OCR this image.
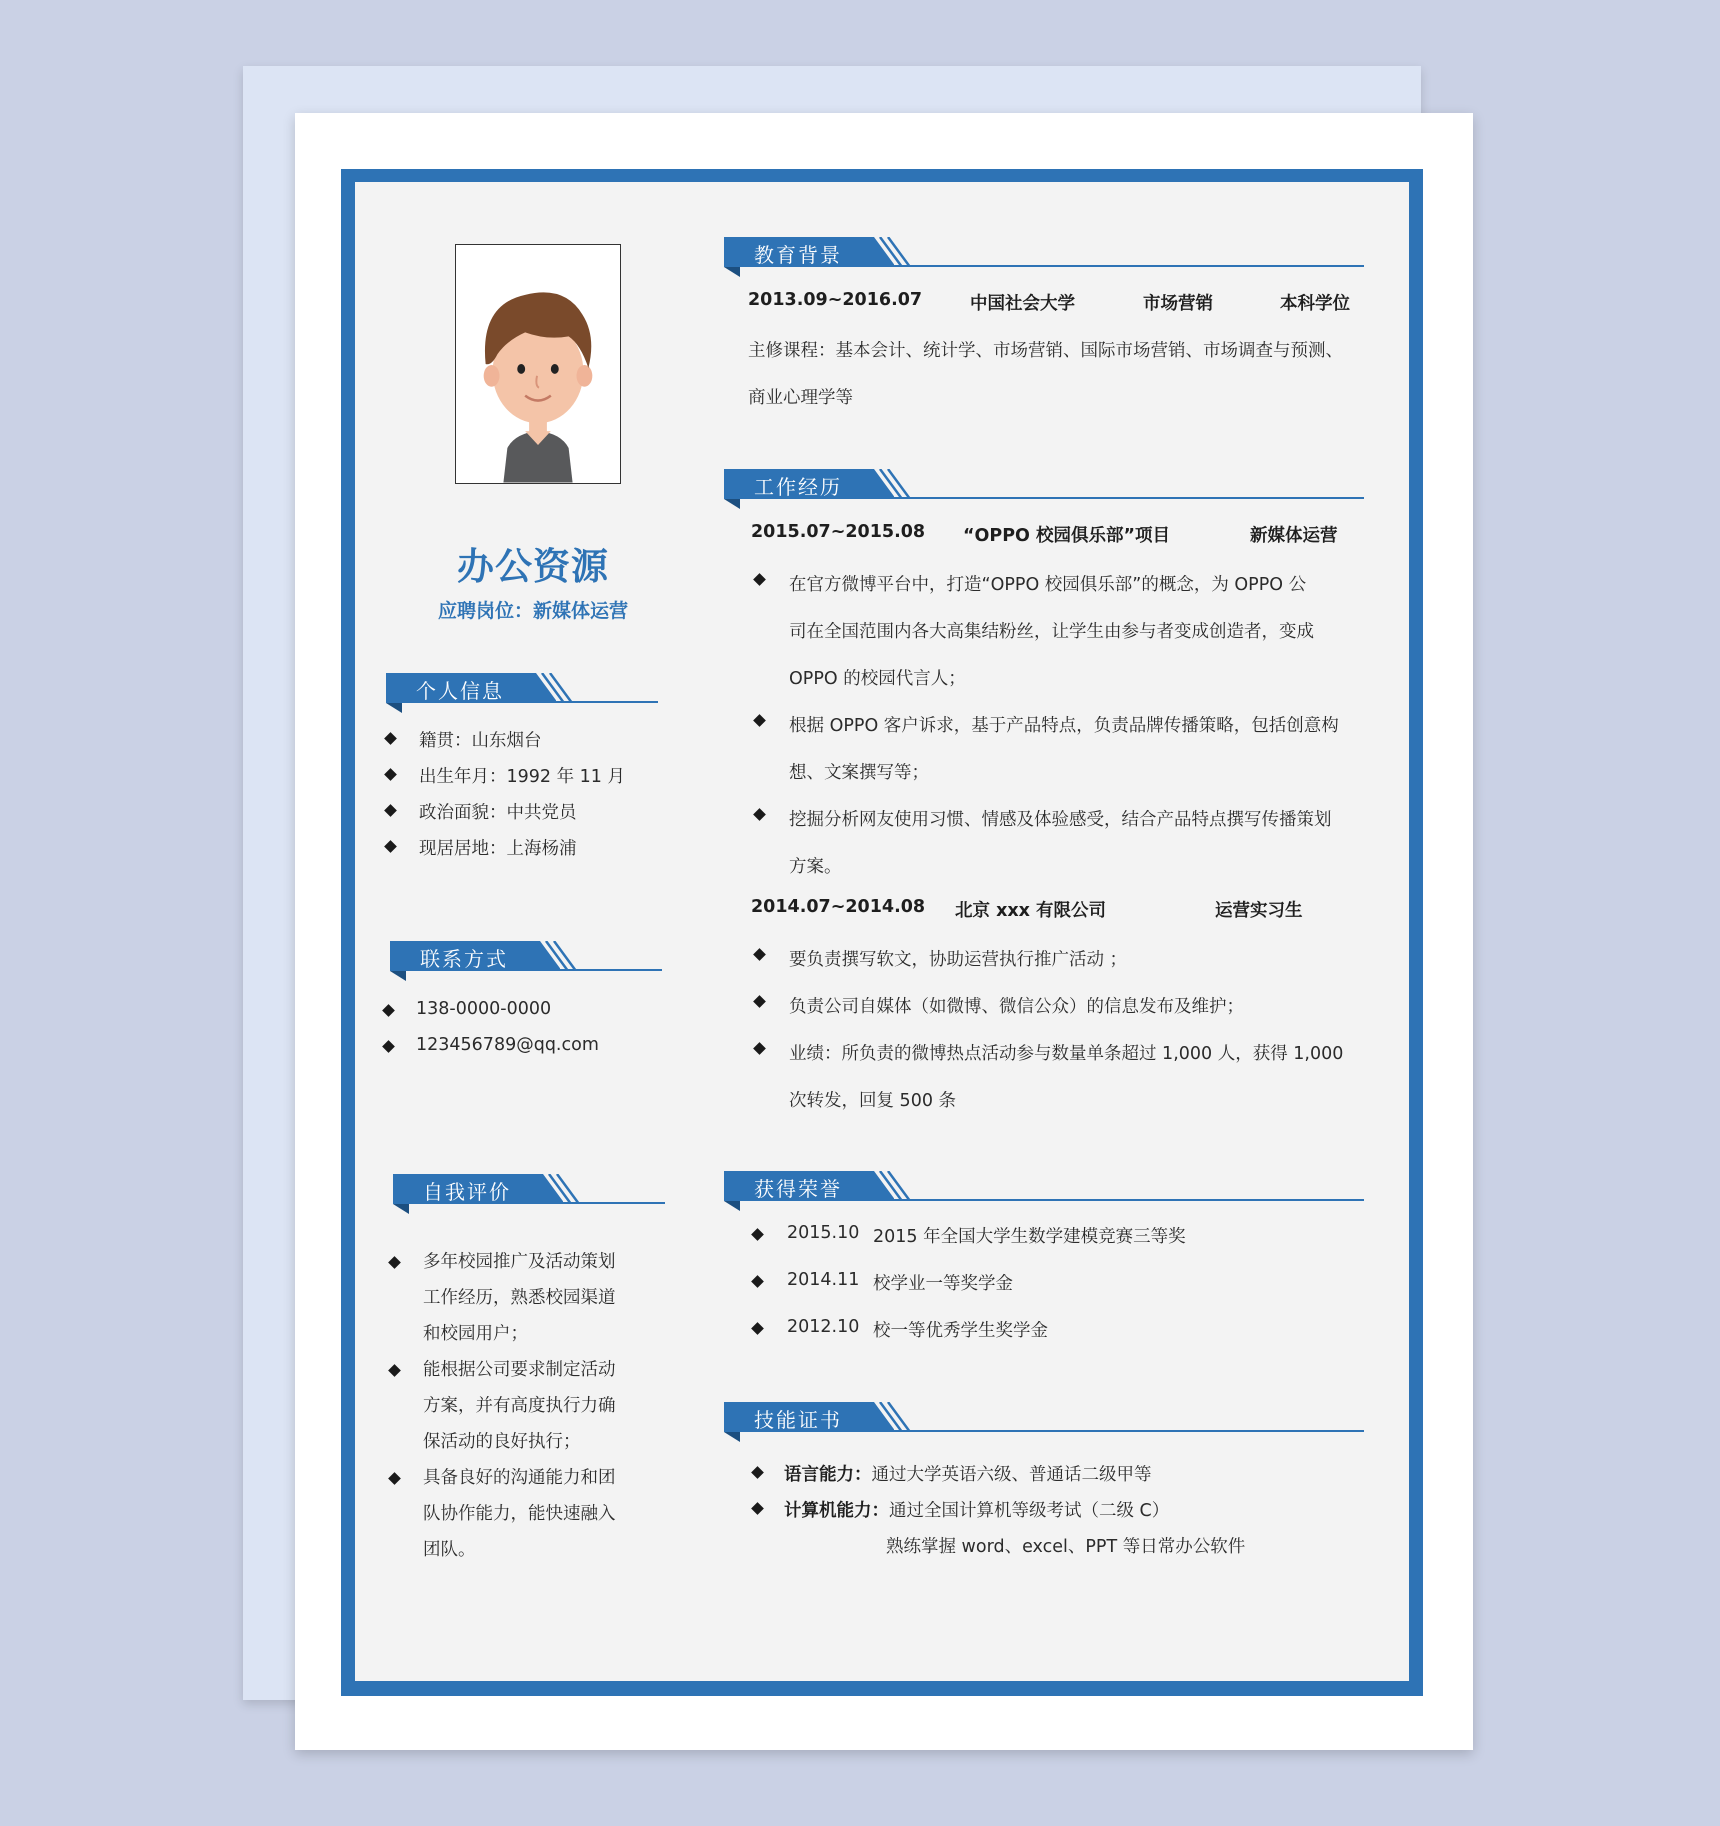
办公资源
应聘岗位：新媒体运营
个人信息
籍贯：山东烟台
出生年月：1992 年 11 月
政治面貌：中共党员
现居居地：上海杨浦
联系方式
138-0000-0000
123456789@qq.com
自我评价
多年校园推广及活动策划
工作经历，熟悉校园渠道
和校园用户；
能根据公司要求制定活动
方案，并有高度执行力确
保活动的良好执行；
具备良好的沟通能力和团
队协作能力，能快速融入
团队。
教育背景
2013.09~2016.07	中国社会大学	市场营销	本科学位
主修课程：基本会计、统计学、市场营销、国际市场营销、市场调查与预测、
商业心理学等
工作经历
2015.07~2015.08 “OPPO 校园俱乐部”项目	新媒体运营
在官方微博平台中，打造“OPPO 校园俱乐部”的概念，为 OPPO 公
司在全国范围内各大高集结粉丝，让学生由参与者变成创造者，变成
OPPO 的校园代言人；
根据 OPPO 客户诉求，基于产品特点，负责品牌传播策略，包括创意构
想、文案撰写等；
挖掘分析网友使用习惯、情感及体验感受，结合产品特点撰写传播策划
方案。
2014.07~2014.08 北京 xxx 有限公司	运营实习生
要负责撰写软文，协助运营执行推广活动 ；
负责公司自媒体（如微博、微信公众）的信息发布及维护；
业绩：所负责的微博热点活动参与数量单条超过 1,000 人，获得 1,000
次转发，回复 500 条
获得荣誉
2015.10 2015 年全国大学生数学建模竞赛三等奖
2014.11 校学业一等奖学金
2012.10 校一等优秀学生奖学金
技能证书
语言能力：通过大学英语六级、普通话二级甲等
计算机能力：通过全国计算机等级考试（二级 C）
熟练掌握 word、excel、PPT 等日常办公软件
